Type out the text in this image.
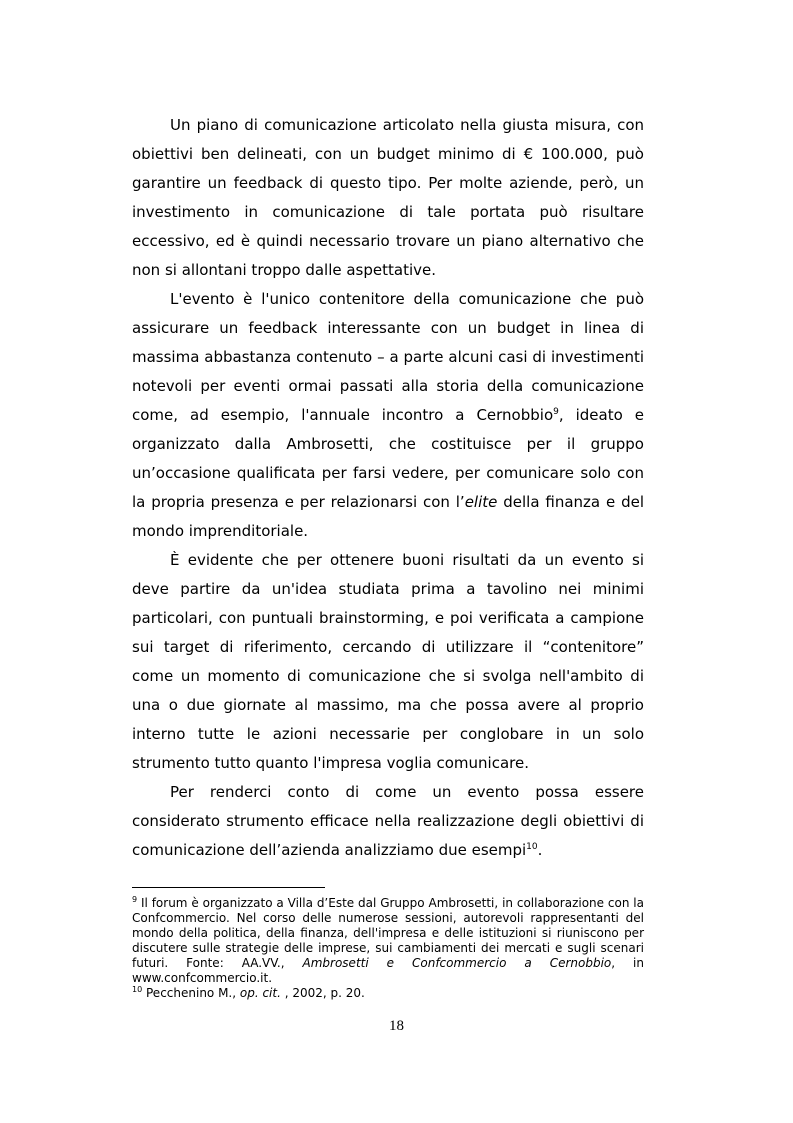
Un piano di comunicazione articolato nella giusta misura, con obiettivi ben delineati, con un budget minimo di € 100.000, può garantire un feedback di questo tipo. Per molte aziende, però, un investimento in comunicazione di tale portata può risultare eccessivo, ed è quindi necessario trovare un piano alternativo che non si allontani troppo dalle aspettative.

L'evento è l'unico contenitore della comunicazione che può assicurare un feedback interessante con un budget in linea di massima abbastanza contenuto – a parte alcuni casi di investimenti notevoli per eventi ormai passati alla storia della comunicazione come, ad esempio, l'annuale incontro a Cernobbio$^9$, ideato e organizzato dalla Ambrosetti, che costituisce per il gruppo un’occasione qualificata per farsi vedere, per comunicare solo con la propria presenza e per relazionarsi con l’elite della finanza e del mondo imprenditoriale.

È evidente che per ottenere buoni risultati da un evento si deve partire da un'idea studiata prima a tavolino nei minimi particolari, con puntuali brainstorming, e poi verificata a campione sui target di riferimento, cercando di utilizzare il “contenitore” come un momento di comunicazione che si svolga nell'ambito di una o due giornate al massimo, ma che possa avere al proprio interno tutte le azioni necessarie per conglobare in un solo strumento tutto quanto l'impresa voglia comunicare.

Per renderci conto di come un evento possa essere considerato strumento efficace nella realizzazione degli obiettivi di comunicazione dell’azienda analizziamo due esempi$^{10}$.

$^9$ Il forum è organizzato a Villa d’Este dal Gruppo Ambrosetti, in collaborazione con la Confcommercio. Nel corso delle numerose sessioni, autorevoli rappresentanti del mondo della politica, della finanza, dell'impresa e delle istituzioni si riuniscono per discutere sulle strategie delle imprese, sui cambiamenti dei mercati e sugli scenari futuri. Fonte: AA.VV., Ambrosetti e Confcommercio a Cernobbio, in www.confcommercio.it.

$^{10}$ Pecchenino M., op. cit. , 2002, p. 20.

18
